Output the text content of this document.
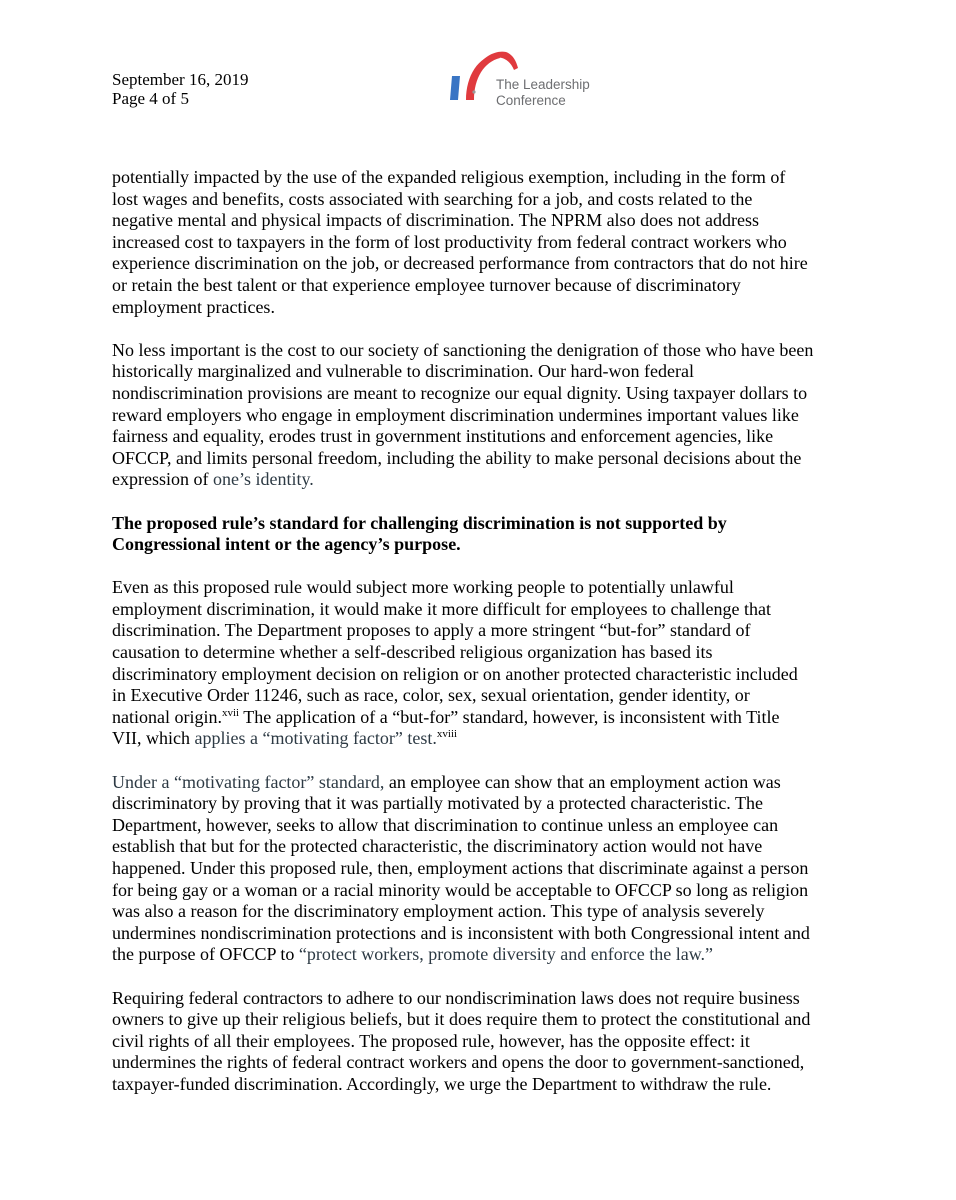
September 16, 2019
Page 4 of 5
The Leadership
Conference

potentially impacted by the use of the expanded religious exemption, including in the form of
lost wages and benefits, costs associated with searching for a job, and costs related to the
negative mental and physical impacts of discrimination. The NPRM also does not address
increased cost to taxpayers in the form of lost productivity from federal contract workers who
experience discrimination on the job, or decreased performance from contractors that do not hire
or retain the best talent or that experience employee turnover because of discriminatory
employment practices.

No less important is the cost to our society of sanctioning the denigration of those who have been
historically marginalized and vulnerable to discrimination. Our hard-won federal
nondiscrimination provisions are meant to recognize our equal dignity. Using taxpayer dollars to
reward employers who engage in employment discrimination undermines important values like
fairness and equality, erodes trust in government institutions and enforcement agencies, like
OFCCP, and limits personal freedom, including the ability to make personal decisions about the
expression of one’s identity.

The proposed rule’s standard for challenging discrimination is not supported by
Congressional intent or the agency’s purpose.

Even as this proposed rule would subject more working people to potentially unlawful
employment discrimination, it would make it more difficult for employees to challenge that
discrimination. The Department proposes to apply a more stringent “but-for” standard of
causation to determine whether a self-described religious organization has based its
discriminatory employment decision on religion or on another protected characteristic included
in Executive Order 11246, such as race, color, sex, sexual orientation, gender identity, or
national origin.$^{xvii}$ The application of a “but-for” standard, however, is inconsistent with Title
VII, which applies a “motivating factor” test.$^{xviii}$

Under a “motivating factor” standard, an employee can show that an employment action was
discriminatory by proving that it was partially motivated by a protected characteristic. The
Department, however, seeks to allow that discrimination to continue unless an employee can
establish that but for the protected characteristic, the discriminatory action would not have
happened. Under this proposed rule, then, employment actions that discriminate against a person
for being gay or a woman or a racial minority would be acceptable to OFCCP so long as religion
was also a reason for the discriminatory employment action. This type of analysis severely
undermines nondiscrimination protections and is inconsistent with both Congressional intent and
the purpose of OFCCP to “protect workers, promote diversity and enforce the law.”

Requiring federal contractors to adhere to our nondiscrimination laws does not require business
owners to give up their religious beliefs, but it does require them to protect the constitutional and
civil rights of all their employees. The proposed rule, however, has the opposite effect: it
undermines the rights of federal contract workers and opens the door to government-sanctioned,
taxpayer-funded discrimination. Accordingly, we urge the Department to withdraw the rule.
